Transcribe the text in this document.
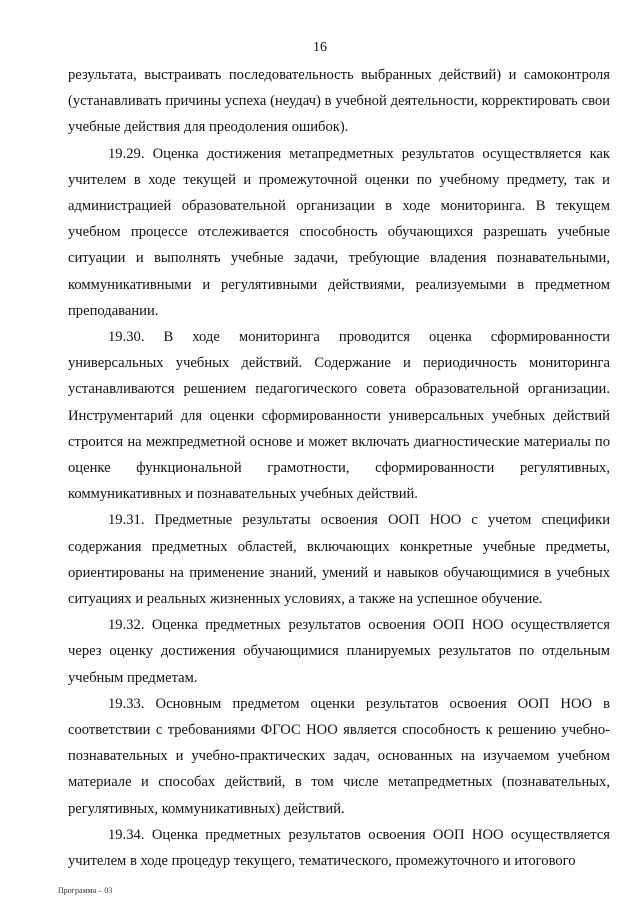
16

результата, выстраивать последовательность выбранных действий) и самоконтроля (устанавливать причины успеха (неудач) в учебной деятельности, корректировать свои учебные действия для преодоления ошибок).

19.29. Оценка достижения метапредметных результатов осуществляется как учителем в ходе текущей и промежуточной оценки по учебному предмету, так и администрацией образовательной организации в ходе мониторинга. В текущем учебном процессе отслеживается способность обучающихся разрешать учебные ситуации и выполнять учебные задачи, требующие владения познавательными, коммуникативными и регулятивными действиями, реализуемыми в предметном преподавании.

19.30. В ходе мониторинга проводится оценка сформированности универсальных учебных действий. Содержание и периодичность мониторинга устанавливаются решением педагогического совета образовательной организации. Инструментарий для оценки сформированности универсальных учебных действий строится на межпредметной основе и может включать диагностические материалы по оценке функциональной грамотности, сформированности регулятивных, коммуникативных и познавательных учебных действий.

19.31. Предметные результаты освоения ООП НОО с учетом специфики содержания предметных областей, включающих конкретные учебные предметы, ориентированы на применение знаний, умений и навыков обучающимися в учебных ситуациях и реальных жизненных условиях, а также на успешное обучение.

19.32. Оценка предметных результатов освоения ООП НОО осуществляется через оценку достижения обучающимися планируемых результатов по отдельным учебным предметам.

19.33. Основным предметом оценки результатов освоения ООП НОО в соответствии с требованиями ФГОС НОО является способность к решению учебно-познавательных и учебно-практических задач, основанных на изучаемом учебном материале и способах действий, в том числе метапредметных (познавательных, регулятивных, коммуникативных) действий.

19.34. Оценка предметных результатов освоения ООП НОО осуществляется учителем в ходе процедур текущего, тематического, промежуточного и итогового

Программа – 03
